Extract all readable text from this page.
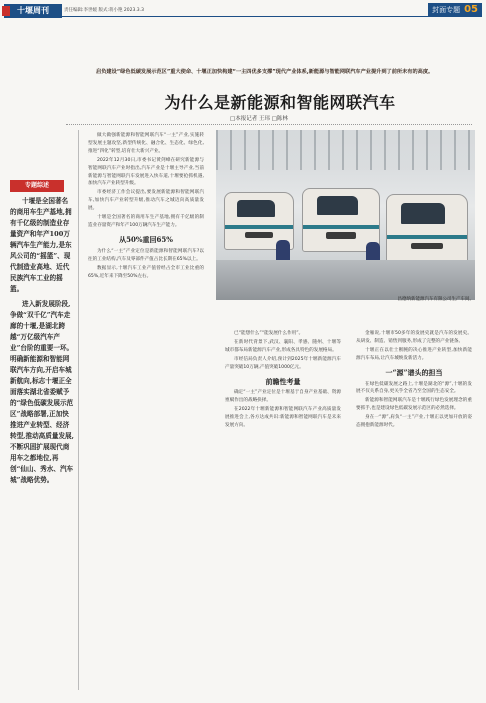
十堰周刊	责任编辑:李世媛 版式:蒋小艳 2023.3.3	封面专题 05
启负建设“绿色低碳发展示范区”重大使命、十堰正加快构建“一主四优多支撑”现代产业体系,新能源与智能网联汽车产业提升到了前所未有的高度。
为什么是新能源和智能网联汽车
□本报记者 王玮 □陈林
专题综述

十堰是全国著名的商用车生产基地,拥有千亿级的制造业存量资产和年产100万辆汽车生产能力,是东风公司的“摇篮”、现代制造业高地、近代民族汽车工业的摇篮。

进入新发展阶段,争做“双千亿”汽车走廊的十堰,是湖北跨越“万亿级汽车产业”台阶的重要一环。明确新能源和智能网联汽车方向,开启车城新航向,标志十堰正全面落实湖北省委赋予的“绿色低碳发展示范区”战略部署,正加快推进产业转型、经济转型,推动高质量发展,不断巩固扩展现代商用车之都地位,再创“仙山、秀水、汽车城”战略优势。

昌德纳新能源汽车有限公司生产车间。

做大做强新能源和智能网联汽车“一主”产业,实施转型发展主题攻坚,新型传统化、融合化、生态化、绿色化,推进“四化”转型,培育壮大新兴产业。

2022年12月30日,市委书记黄剑峰在研究新能源与智能网联汽车产业时指出,汽车产业是十堰主导产业,当前新能源与智能网联汽车发展进入快车道,十堰要抢抓机遇,加快汽车产业转型升级。

市委经济工作会议提出,要发展新能源和智能网联汽车,加快汽车产业转型升级,推动汽车之城迈向高质量发展。

十堰是全国著名的商用车生产基地,拥有千亿级的制造业存量资产和年产100万辆汽车生产能力。

从50%重回65%

为什么“一主”产业定位是新能源和智能网联汽车?以往的工业结构,汽车及零部件产值占比长期在65%以上。

数据显示,十堰汽车工业产值曾经占全市工业比重的65%,近年来下降至50%左右。

已“能想什么”“能发展什么作用”。

在新时代背景下,武汉、襄阳、孝感、随州、十堰等城市都布局新能源汽车产业,形成各具特色的发展格局。

市经信局负责人介绍,预计到2025年十堰新能源汽车产量突破10万辆,产值突破1000亿元。

前瞻性考量

确定“一主”产业定位是十堰基于自身产业基础、资源禀赋作出的战略抉择。

在2022年十堰新能源和智能网联汽车产业高质量发展推进会上,各方达成共识:新能源和智能网联汽车是未来发展方向。

金雁说,十堰市50多年的发展史就是汽车的发展史。从研发、制造、销售到服务,形成了完整的产业链条。

十堰正在以壮士断腕的决心推进产业转型,加快新能源汽车布局,让汽车城焕发新活力。

一“源”谱头的担当

在绿色低碳发展之路上,十堰是湖北的“源”,十堰的发展不仅关系自身,更关乎全省乃至全国的生态安全。

新能源和智能网联汽车是十堰践行绿色发展理念的重要抓手,也是建设绿色低碳发展示范区的必然选择。

身在一“源”,肩负“一主”产业,十堰正以更加开放的姿态拥抱新能源时代。
